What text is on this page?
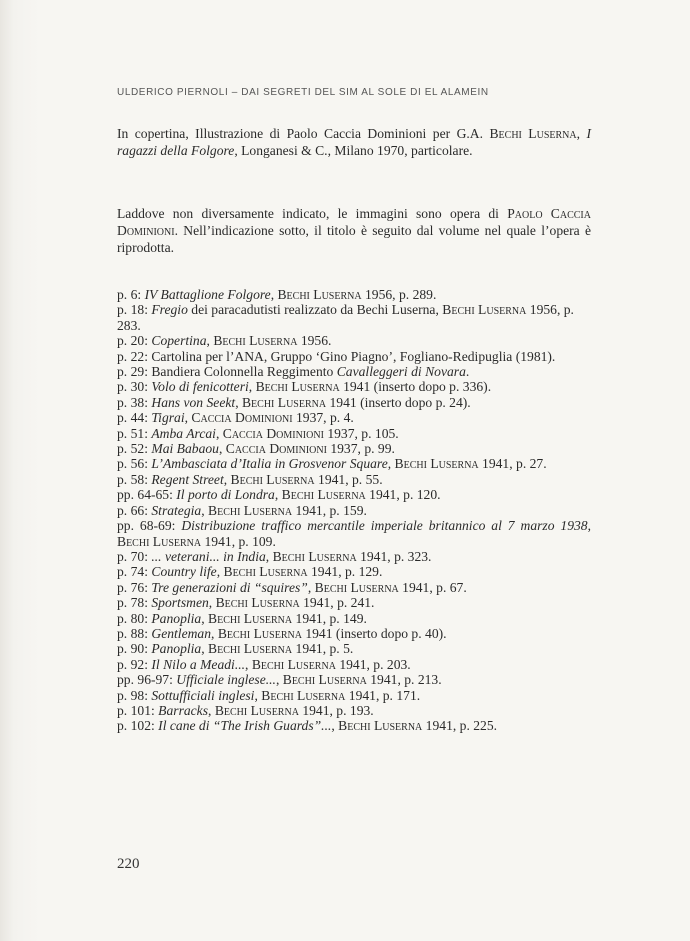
ULDERICO PIERNOLI – DAI SEGRETI DEL SIM AL SOLE DI EL ALAMEIN
In copertina, Illustrazione di Paolo Caccia Dominioni per G.A. Bechi Luserna, I ragazzi della Folgore, Longanesi & C., Milano 1970, particolare.
Laddove non diversamente indicato, le immagini sono opera di Paolo Caccia Dominioni. Nell’indicazione sotto, il titolo è seguito dal volume nel quale l’opera è riprodotta.

p. 6: IV Battaglione Folgore, Bechi Luserna 1956, p. 289.

p. 18: Fregio dei paracadutisti realizzato da Bechi Luserna, Bechi Luserna 1956, p. 283.

p. 20: Copertina, Bechi Luserna 1956.

p. 22: Cartolina per l’ANA, Gruppo ‘Gino Piagno’, Fogliano-Redipuglia (1981).

p. 29: Bandiera Colonnella Reggimento Cavalleggeri di Novara.

p. 30: Volo di fenicotteri, Bechi Luserna 1941 (inserto dopo p. 336).

p. 38: Hans von Seekt, Bechi Luserna 1941 (inserto dopo p. 24).

p. 44: Tigrai, Caccia Dominioni 1937, p. 4.

p. 51: Amba Arcai, Caccia Dominioni 1937, p. 105.

p. 52: Mai Babaou, Caccia Dominioni 1937, p. 99.

p. 56: L’Ambasciata d’Italia in Grosvenor Square, Bechi Luserna 1941, p. 27.

p. 58: Regent Street, Bechi Luserna 1941, p. 55.

pp. 64-65: Il porto di Londra, Bechi Luserna 1941, p. 120.

p. 66: Strategia, Bechi Luserna 1941, p. 159.

pp. 68-69: Distribuzione traffico mercantile imperiale britannico al 7 marzo 1938, Bechi Luserna 1941, p. 109.

p. 70: ... veterani... in India, Bechi Luserna 1941, p. 323.

p. 74: Country life, Bechi Luserna 1941, p. 129.

p. 76: Tre generazioni di “squires”, Bechi Luserna 1941, p. 67.

p. 78: Sportsmen, Bechi Luserna 1941, p. 241.

p. 80: Panoplia, Bechi Luserna 1941, p. 149.

p. 88: Gentleman, Bechi Luserna 1941 (inserto dopo p. 40).

p. 90: Panoplia, Bechi Luserna 1941, p. 5.

p. 92: Il Nilo a Meadi..., Bechi Luserna 1941, p. 203.

pp. 96-97: Ufficiale inglese..., Bechi Luserna 1941, p. 213.

p. 98: Sottufficiali inglesi, Bechi Luserna 1941, p. 171.

p. 101: Barracks, Bechi Luserna 1941, p. 193.

p. 102: Il cane di “The Irish Guards”..., Bechi Luserna 1941, p. 225.

220
